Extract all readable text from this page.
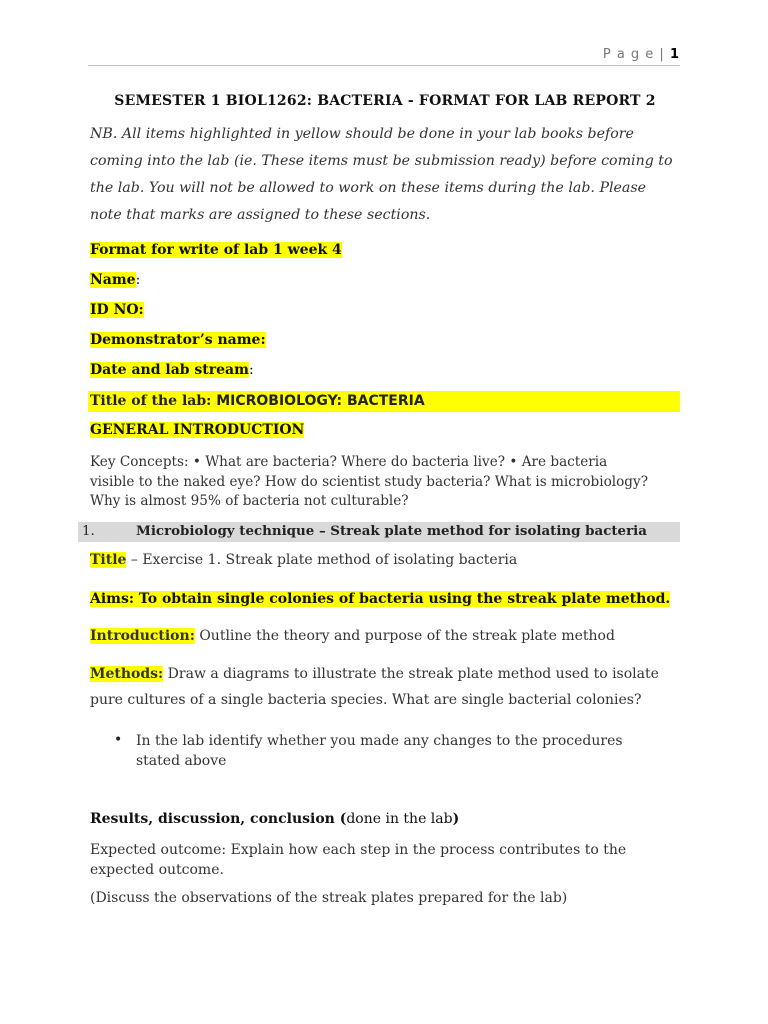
P a g e | 1
SEMESTER 1 BIOL1262: BACTERIA - FORMAT FOR LAB REPORT 2
NB. All items highlighted in yellow should be done in your lab books before coming into the lab (ie. These items must be submission ready) before coming to the lab. You will not be allowed to work on these items during the lab. Please note that marks are assigned to these sections.
Format for write of lab 1 week 4
Name:
ID NO:
Demonstrator’s name:
Date and lab stream:
Title of the lab: MICROBIOLOGY: BACTERIA
GENERAL INTRODUCTION
Key Concepts: • What are bacteria? Where do bacteria live? • Are bacteria visible to the naked eye? How do scientist study bacteria? What is microbiology? Why is almost 95% of bacteria not culturable?
1.	Microbiology technique – Streak plate method for isolating bacteria
Title – Exercise 1. Streak plate method of isolating bacteria
Aims: To obtain single colonies of bacteria using the streak plate method.
Introduction: Outline the theory and purpose of the streak plate method
Methods: Draw a diagrams to illustrate the streak plate method used to isolate
pure cultures of a single bacteria species. What are single bacterial colonies?
• In the lab identify whether you made any changes to the procedures stated above
Results, discussion, conclusion (done in the lab)
Expected outcome: Explain how each step in the process contributes to the expected outcome.
(Discuss the observations of the streak plates prepared for the lab)
